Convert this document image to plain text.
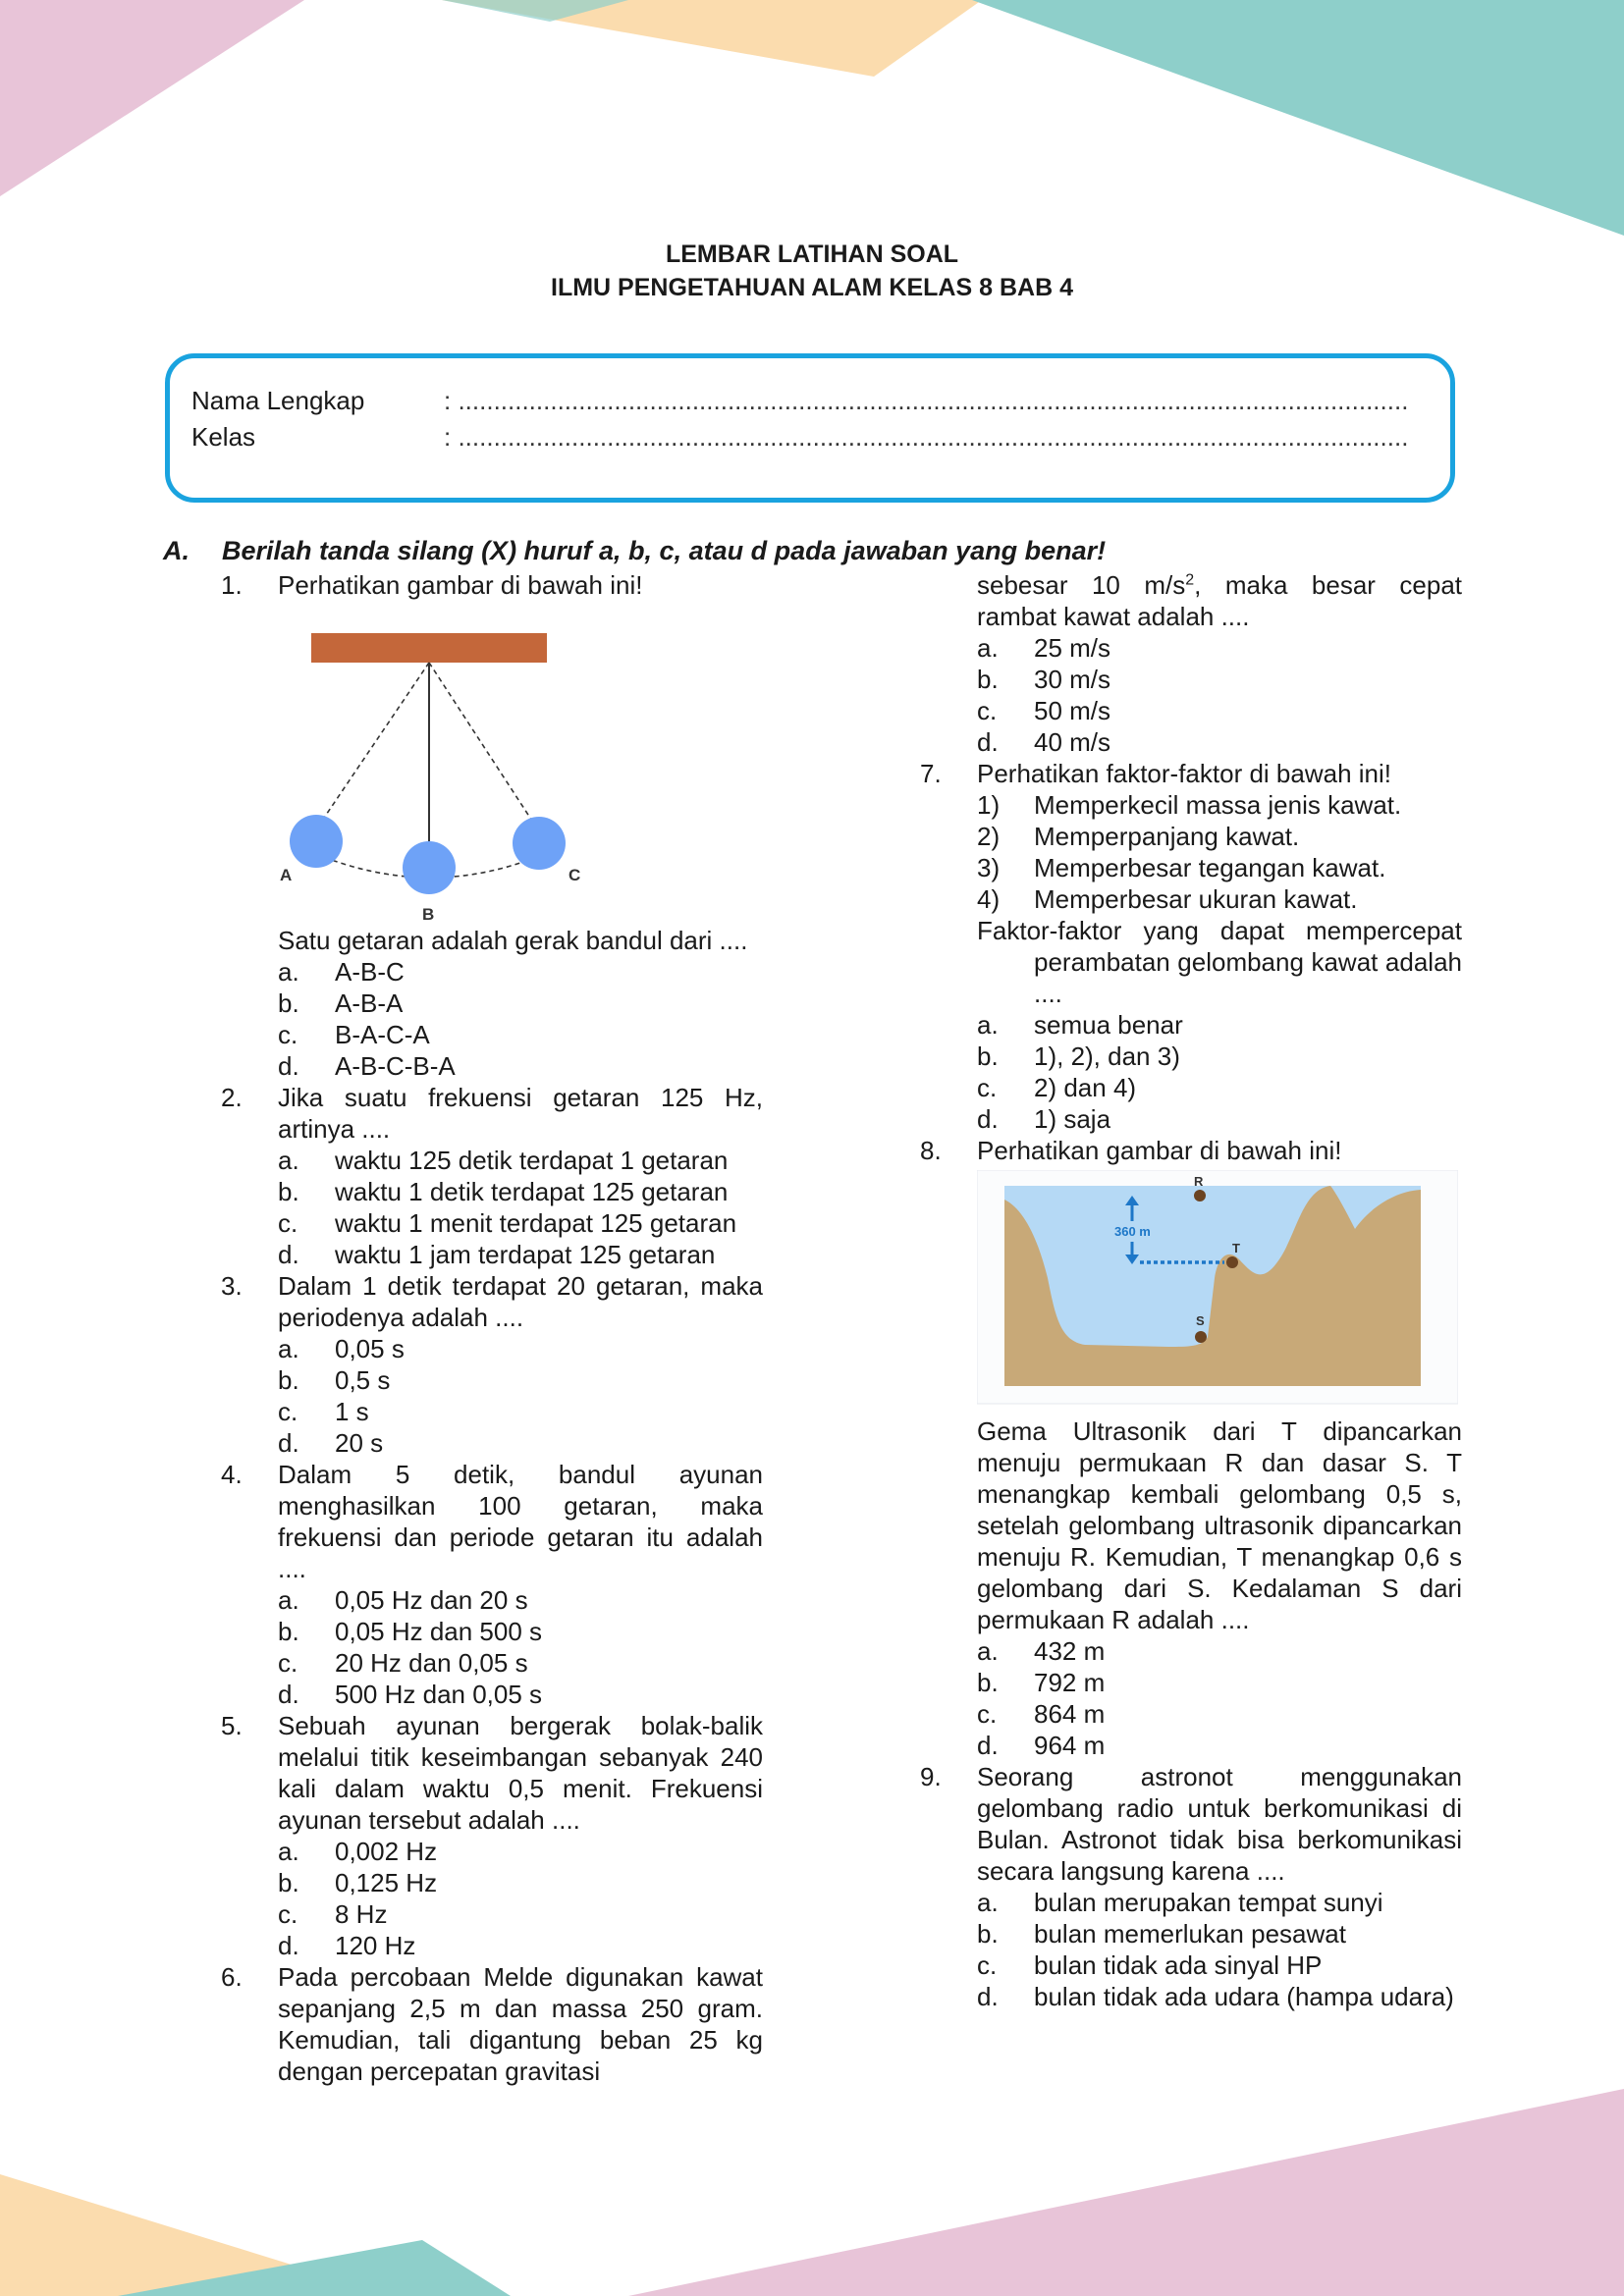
LEMBAR LATIHAN SOAL
ILMU PENGETAHUAN ALAM KELAS 8 BAB 4
Nama Lengkap	: ......................................................................................................................................
Kelas	: ......................................................................................................................................
A.	Berilah tanda silang (X) huruf a, b, c, atau d pada jawaban yang benar!
1.	Perhatikan gambar di bawah ini!
A
B
C
Satu getaran adalah gerak bandul dari ....
a.	A-B-C
b.	A-B-A
c.	B-A-C-A
d.	A-B-C-B-A
2.	Jika suatu frekuensi getaran 125 Hz, artinya ....
a.	waktu 125 detik terdapat 1 getaran
b.	waktu 1 detik terdapat 125 getaran
c.	waktu 1 menit terdapat 125 getaran
d.	waktu 1 jam terdapat 125 getaran
3.	Dalam 1 detik terdapat 20 getaran, maka periodenya adalah ....
a.	0,05 s
b.	0,5 s
c.	1 s
d.	20 s
4.	Dalam 5 detik, bandul ayunan menghasilkan 100 getaran, maka frekuensi dan periode getaran itu adalah ....
a.	0,05 Hz dan 20 s
b.	0,05 Hz dan 500 s
c.	20 Hz dan 0,05 s
d.	500 Hz dan 0,05 s
5.	Sebuah ayunan bergerak bolak-balik melalui titik keseimbangan sebanyak 240 kali dalam waktu 0,5 menit. Frekuensi ayunan tersebut adalah ....
a.	0,002 Hz
b.	0,125 Hz
c.	8 Hz
d.	120 Hz
6.	Pada percobaan Melde digunakan kawat sepanjang 2,5 m dan massa 250 gram. Kemudian, tali digantung beban 25 kg dengan percepatan gravitasi
sebesar 10 $m/s^2$, maka besar cepat rambat kawat adalah ....
a.	25 m/s
b.	30 m/s
c.	50 m/s
d.	40 m/s
7.	Perhatikan faktor-faktor di bawah ini!
1)	Memperkecil massa jenis kawat.
2)	Memperpanjang kawat.
3)	Memperbesar tegangan kawat.
4)	Memperbesar ukuran kawat.
Faktor-faktor yang dapat mempercepat perambatan gelombang kawat adalah ....
a.	semua benar
b.	1), 2), dan 3)
c.	2) dan 4)
d.	1) saja
8.	Perhatikan gambar di bawah ini!
R
T
S
360 m
Gema Ultrasonik dari T dipancarkan menuju permukaan R dan dasar S. T menangkap kembali gelombang 0,5 s, setelah gelombang ultrasonik dipancarkan menuju R. Kemudian, T menangkap 0,6 s gelombang dari S. Kedalaman S dari permukaan R adalah ....
a.	432 m
b.	792 m
c.	864 m
d.	964 m
9.	Seorang astronot menggunakan gelombang radio untuk berkomunikasi di Bulan. Astronot tidak bisa berkomunikasi secara langsung karena ....
a.	bulan merupakan tempat sunyi
b.	bulan memerlukan pesawat
c.	bulan tidak ada sinyal HP
d.	bulan tidak ada udara (hampa udara)
